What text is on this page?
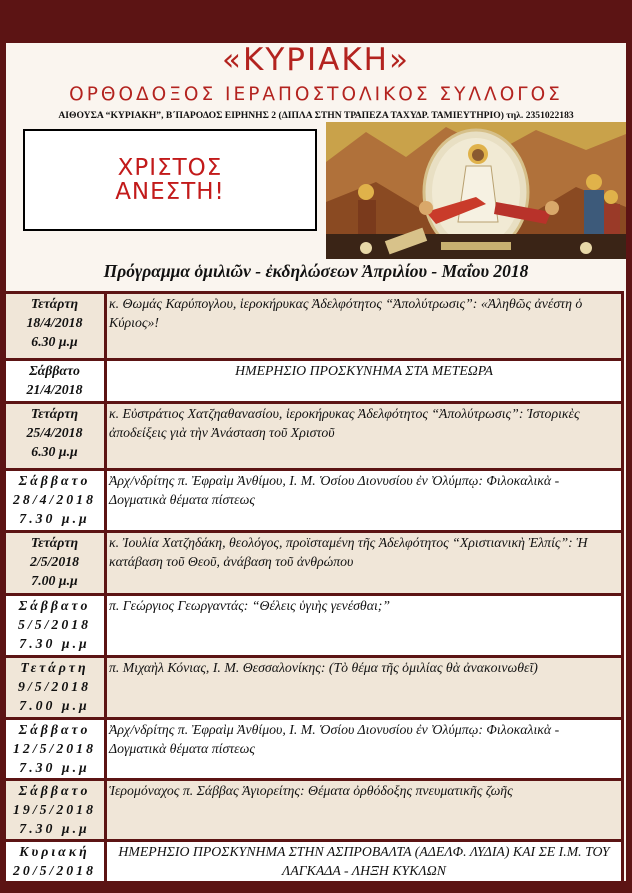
«ΚΥΡΙΑΚΗ»
ΟΡΘΟΔΟΞΟΣ ΙΕΡΑΠΟΣΤΟΛΙΚΟΣ ΣΥΛΛΟΓΟΣ
ΑΙΘΟΥΣΑ “ΚΥΡΙΑΚΗ”, Β΄ΠΑΡΟΔΟΣ ΕΙΡΗΝΗΣ 2 (ΔΙΠΛΑ ΣΤΗΝ ΤΡΑΠΕΖΑ ΤΑΧΥΔΡ. ΤΑΜΙΕΥΤΗΡΙΟ) τηλ. 2351022183
ΧΡΙΣΤΟΣ
ΑΝΕΣΤΗ!
Πρόγραμμα ὁμιλιῶν - ἐκδηλώσεων Ἀπριλίου - Μαΐου 2018
Τετάρτη
18/4/2018
6.30 μ.μ	κ. Θωμάς Καρύπογλου, ἱεροκήρυκας Ἀδελφότητος “Ἀπολύτρωσις”: «Ἀληθῶς ἀνέστη ὁ Κύριος»!

Σάββατο
21/4/2018	ΗΜΕΡΗΣΙΟ ΠΡΟΣΚΥΝΗΜΑ ΣΤΑ ΜΕΤΕΩΡΑ

Τετάρτη
25/4/2018
6.30 μ.μ	κ. Εὐστράτιος Χατζηαθανασίου, ἱεροκήρυκας Ἀδελφότητος “Ἀπολύτρωσις”: Ἱστορικὲς ἀποδείξεις γιὰ τὴν Ἀνάσταση τοῦ Χριστοῦ

Σάββατο
28/4/2018
7.30 μ.μ	Ἀρχ/νδρίτης π. Ἐφραὶμ Ἀνθίμου, Ι. Μ. Ὁσίου Διονυσίου ἐν Ὀλύμπῳ: Φιλοκαλικὰ - Δογματικὰ θέματα πίστεως

Τετάρτη
2/5/2018
7.00 μ.μ	κ. Ἰουλία Χατζηδάκη, θεολόγος, προϊσταμένη τῆς Ἀδελφότητος “Χριστιανικὴ Ἐλπίς”: Ἡ κατάβαση τοῦ Θεοῦ, ἀνάβαση τοῦ ἀνθρώπου

Σάββατο
5/5/2018
7.30 μ.μ	π. Γεώργιος Γεωργαντάς: “Θέλεις ὑγιὴς γενέσθαι;”

Τετάρτη
9/5/2018
7.00 μ.μ	π. Μιχαὴλ Κόνιας, Ι. Μ. Θεσσαλονίκης: (Τὸ θέμα τῆς ὁμιλίας θὰ ἀνακοινωθεῖ)

Σάββατο
12/5/2018
7.30 μ.μ	Ἀρχ/νδρίτης π. Ἐφραὶμ Ἀνθίμου, Ι. Μ. Ὁσίου Διονυσίου ἐν Ὀλύμπῳ: Φιλοκαλικὰ - Δογματικὰ θέματα πίστεως

Σάββατο
19/5/2018
7.30 μ.μ	Ἱερομόναχος π. Σάββας Ἁγιορείτης: Θέματα ὀρθόδοξης πνευματικῆς ζωῆς

Κυριακή
20/5/2018	ΗΜΕΡΗΣΙΟ ΠΡΟΣΚΥΝΗΜΑ ΣΤΗΝ ΑΣΠΡΟΒΑΛΤΑ (ΑΔΕΛΦ. ΛΥΔΙΑ) ΚΑΙ ΣΕ Ι.Μ. ΤΟΥ ΛΑΓΚΑΔΑ - ΛΗΞΗ ΚΥΚΛΩΝ
